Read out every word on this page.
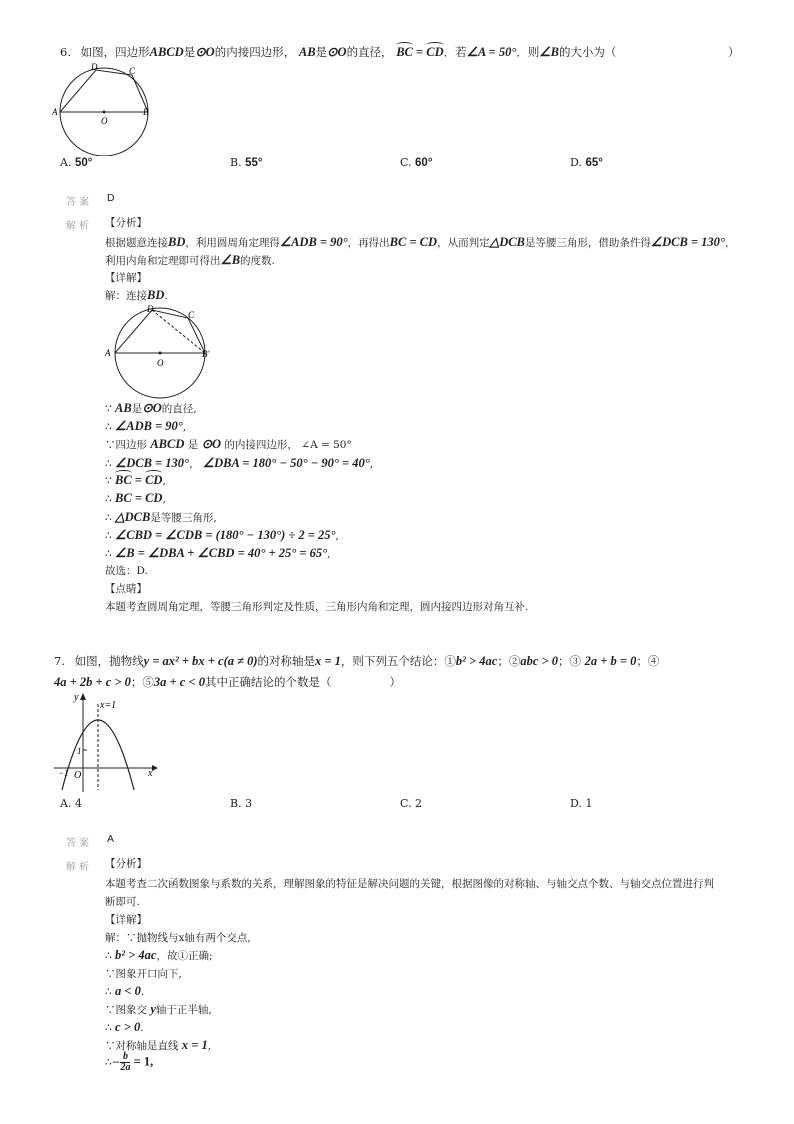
6. 如图，四边形ABCD是⊙O的内接四边形， AB是⊙O的直径， BC = CD．若∠A = 50°．则∠B的大小为（	）
A	B
C
D
O
A. 50°	B. 55°	C. 60°	D. 65°
答案 D
解析 【分析】
根据题意连接BD，利用圆周角定理得∠ADB = 90°，再得出BC = CD，从而判定△DCB是等腰三角形，借助条件得∠DCB = 130°，
利用内角和定理即可得出∠B的度数.
【详解】
解：连接BD.
A	B'
C
D
O
∵ AB是⊙O的直径,
∴ ∠ADB = 90°,
∵四边形 ABCD 是 ⊙O 的内接四边形， ∠A = 50°
∴ ∠DCB = 130°， ∠DBA = 180° − 50° − 90° = 40°,
∵ BC = CD,
∴ BC = CD,
∴ △DCB是等腰三角形,
∴ ∠CBD = ∠CDB = (180° − 130°) ÷ 2 = 25°,
∴ ∠B = ∠DBA + ∠CBD = 40° + 25° = 65°,
故选：D.
【点睛】
本题考查圆周角定理，等腰三角形判定及性质，三角形内角和定理，圆内接四边形对角互补.
7. 如图，抛物线y = ax² + bx + c(a ≠ 0)的对称轴是x = 1，则下列五个结论：①b² > 4ac；②abc > 0；③ 2a + b = 0；④
4a + 2b + c > 0；⑤3a + c < 0其中正确结论的个数是（	）
y
x
x=1
1
−1 O
A. 4	B. 3	C. 2	D. 1
答案 A
解析 【分析】
本题考查二次函数图象与系数的关系，理解图象的特征是解决问题的关键，根据图像的对称轴、与轴交点个数、与轴交点位置进行判
断即可.
【详解】
解：∵抛物线与x轴有两个交点,
∴ b² > 4ac，故①正确;
∵图象开口向下,
∴ a < 0.
∵图象交 y轴于正半轴,
∴ c > 0.
∵对称轴是直线 x = 1,
∴− $\frac{b}{2a} = 1$,
